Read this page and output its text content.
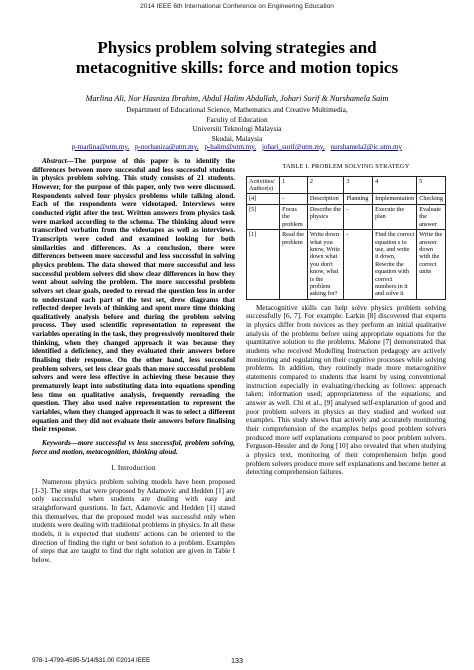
2014 IEEE 6th International Conference on Engineering Education
Physics problem solving strategies and
metacognitive skills: force and motion topics
Marlina Ali, Nor Hasniza Ibrahim, Abdul Halim Abdullah, Johari Surif & Nurshamela Saim
Department of Educational Science, Mathematics and Creative Multimedia,
Faculty of Education
Universiti Teknologi Malaysia
Skudai, Malaysia
p-marlina@utm.my, p-norhaniza@utm.my, p-halim@utm.my, johari_surif@utm.my, nurshamela2@ic.utm.my

Abstract—The purpose of this paper is to identify the differences between more successful and less successful students in physics problem solving. This study consists of 21 students. However, for the purpose of this paper, only two were discussed. Respondents solved four physics problems while talking aloud. Each of the respondents were videotaped. Interviews were conducted right after the test. Written answers from physics task were marked according to the schema. The thinking aloud were transcribed verbatim from the videotapes as well as interviews. Transcripts were coded and examined looking for both similarities and differences. As a conclusion, there were differences between more successful and less successful in solving physics problem. The data showed that more successful and less successful problem solvers did show clear differences in how they went about solving the problem. The more successful problem solvers set clear goals, needed to reread the question less in order to understand each part of the test set, drew diagrams that reflected deeper levels of thinking and spent more time thinking qualitatively analysis before and during the problem solving process. They used scientific representation to represent the variables operating in the task, they progressively monitored their thinking, when they changed approach it was because they identified a deficiency, and they evaluated their answers before finalising their response. On the other hand, less successful problem solvers, set less clear goals than more successful problem solvers and were less effective in achieving these because they prematurely leapt into substituting data into equations spending less time on qualitative analysis, frequently rereading the question. They also used naive representation to represent the variables, when they changed approach it was to select a different equation and they did not evaluate their answers before finalising their response.

Keywords—more successful vs less successful, problem solving, force and motion, metacognition, thinking aloud.

I. Introduction

Numerous physics problem solving models have been proposed [1-3]. The steps that were proposed by Adamovic and Hedden [1] are only successful when students are dealing with easy and straightforward questions. In fact, Adamovic and Hedden [1] stated this themselves, that the proposed model was successful only when students were dealing with traditional problems in physics. In all these models, it is expected that students' actions can be oriented to the direction of finding the right or best solution to a problem. Examples of steps that are taught to find the right solution are given in Table I below.

TABLE I. PROBLEM SOLVING STRATEGY
Activities/ Author(s)	1	2	3	4	5
[4]	-	Description	Planning	Implementation	Checking
[5]	Focus the problem	Describe the physics	-	Execute the plan	Evaluate the answer
[1]	Read the problem	Write down what you know, Write down what you don't know, what is the problem asking for?	-	Find the correct equation s to use, and write it down, Rewrite the equation with correct numbers in it and solve it	Write the answer down with the correct units

Metacognitive skills can help solve physics problem solving successfully [6, 7]. For example: Larkin [8] discovered that experts in physics differ from novices as they perform an initial qualitative analysis of the problems before using appropriate equations for the quantitative solution to the problems. Malone [7] demonstrated that students who received Modelling Instruction pedagogy are actively monitoring and regulating on their cognitive processes while solving problems. In addition, they routinely made more metacognitive statements compared to students that learnt by using conventional instruction especially in evaluating/checking as follows: approach taken; information used; appropriateness of the equations; and answer as well. Chi et al., [9] analysed self-explanation of good and poor problem solvers in physics as they studied and worked out examples. This study shows that actively and accurately monitoring their comprehension of the examples helps good problem solvers produced more self explanations compared to poor problem solvers. Ferguson-Hessler and de Jong [10] also revealed that when studying a physics text, monitoring of their comprehension helps good problem solvers produce more self explanations and become better at detecting comprehension failures.

978-1-4799-4595-5/14/$31.00 ©2014 IEEE	133
